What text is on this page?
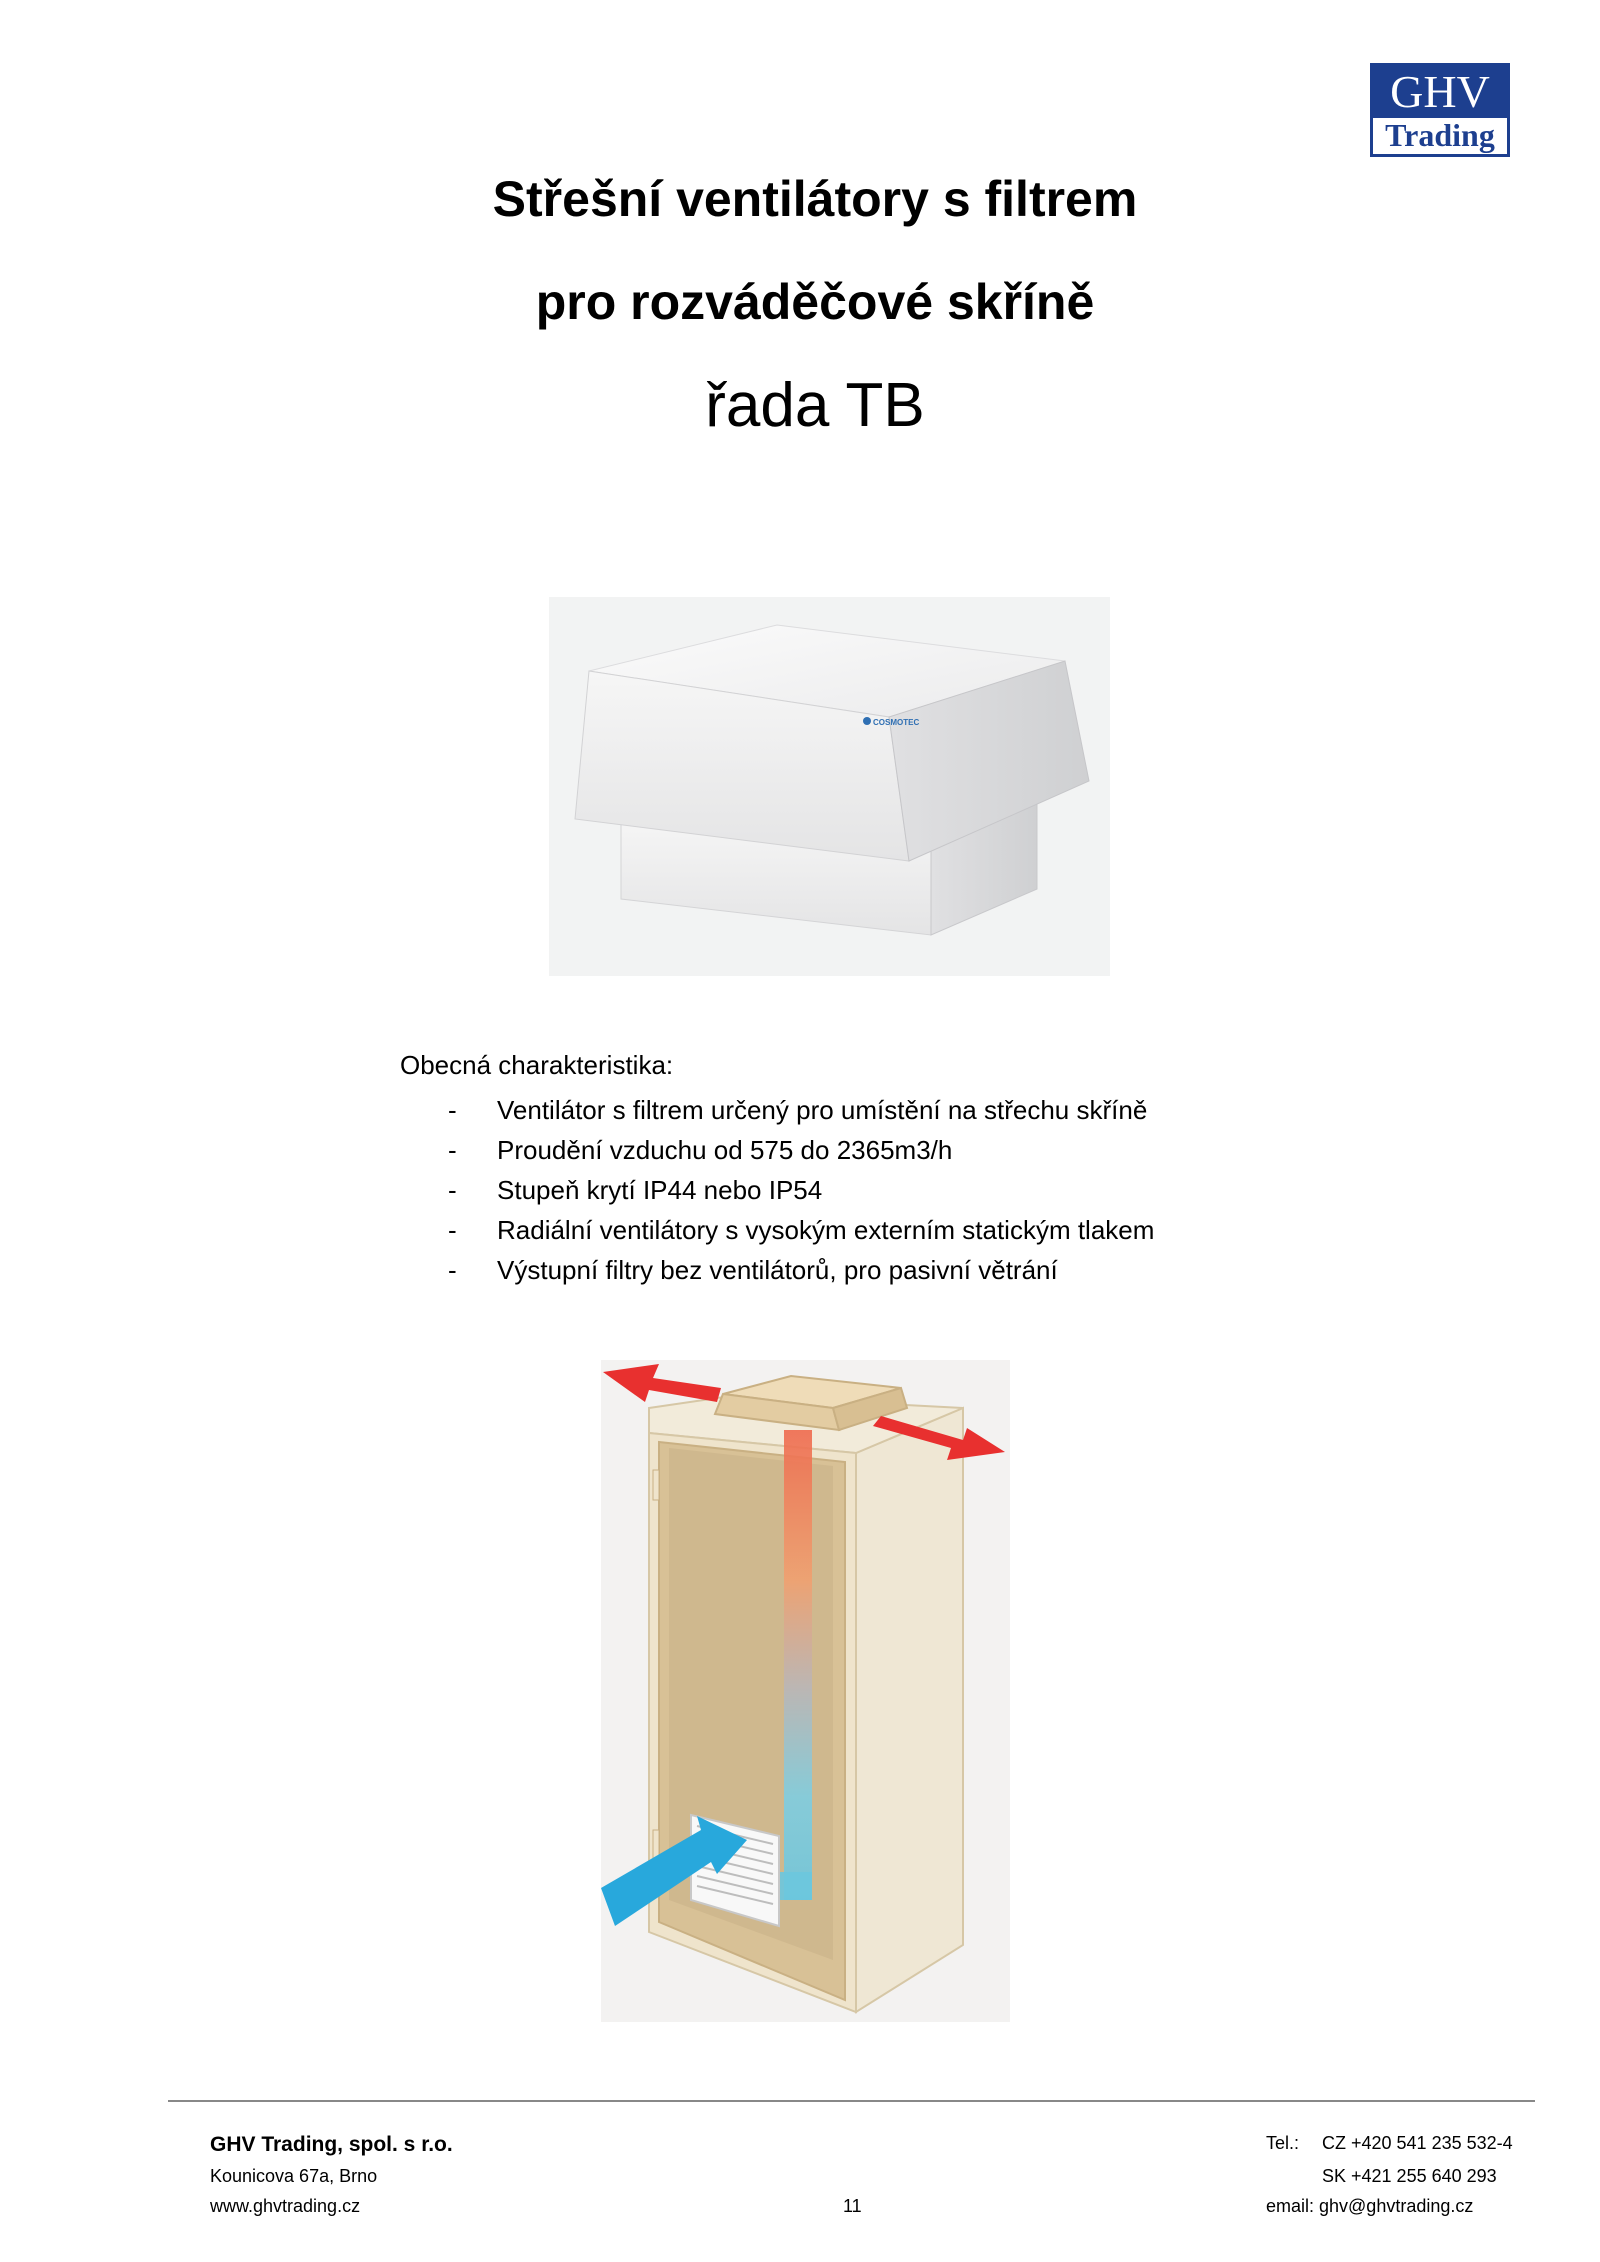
GHV
Trading
Střešní ventilátory s filtrem
pro rozváděčové skříně
řada TB
COSMOTEC
Obecná charakteristika:
- Ventilátor s filtrem určený pro umístění na střechu skříně
- Proudění vzduchu od 575 do 2365m3/h
- Stupeň krytí IP44 nebo IP54
- Radiální ventilátory s vysokým externím statickým tlakem
- Výstupní filtry bez ventilátorů, pro pasivní větrání
GHV Trading, spol. s r.o.
Kounicova 67a, Brno
www.ghvtrading.cz	11
Tel.: CZ +420 541 235 532-4
SK +421 255 640 293
email: ghv@ghvtrading.cz
